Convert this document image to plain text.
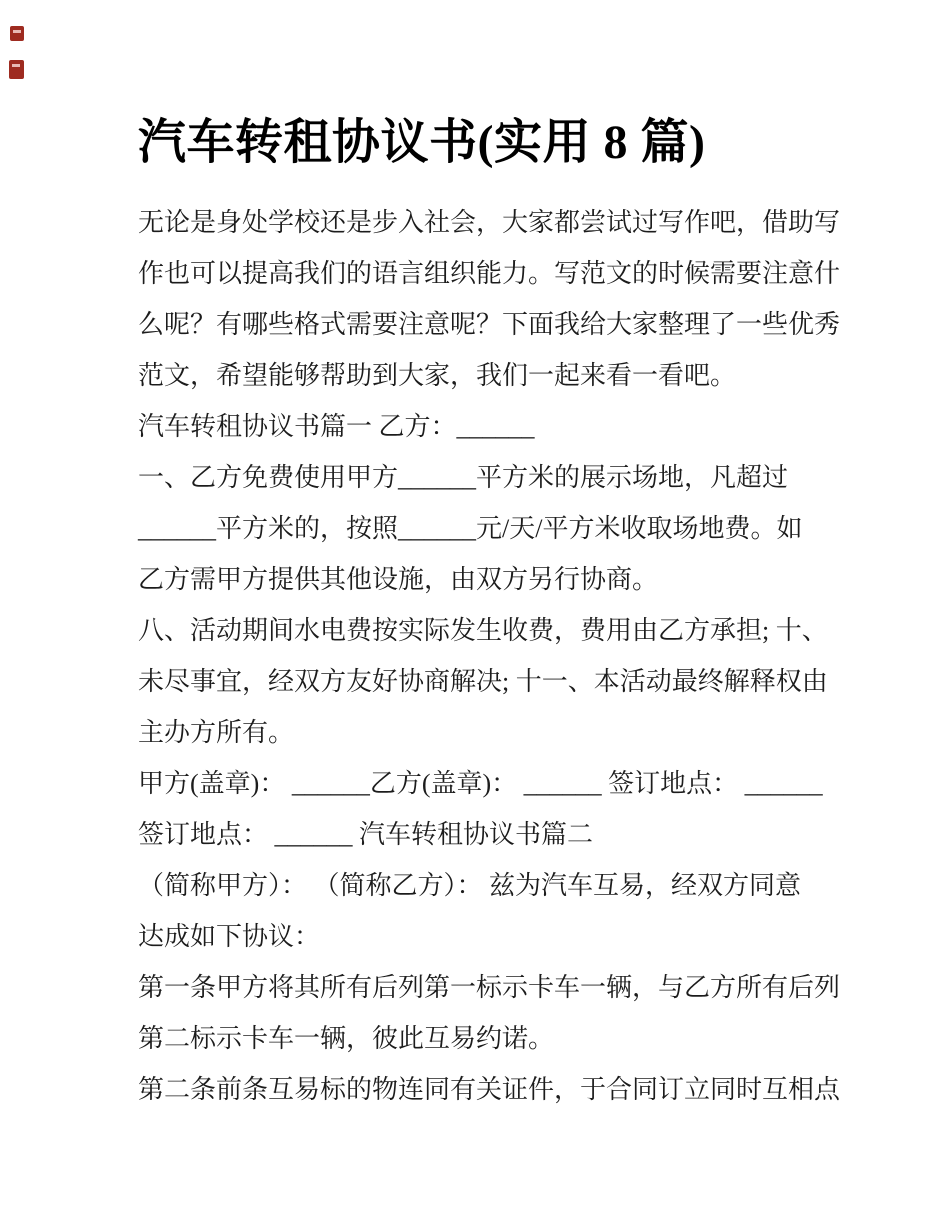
汽车转租协议书(实用 8 篇)
无论是身处学校还是步入社会，大家都尝试过写作吧，借助写
作也可以提高我们的语言组织能力。写范文的时候需要注意什
么呢？有哪些格式需要注意呢？下面我给大家整理了一些优秀
范文，希望能够帮助到大家，我们一起来看一看吧。
汽车转租协议书篇一 乙方：______
一、乙方免费使用甲方______平方米的展示场地，凡超过
______平方米的，按照______元/天/平方米收取场地费。如
乙方需甲方提供其他设施，由双方另行协商。
八、活动期间水电费按实际发生收费，费用由乙方承担; 十、
未尽事宜，经双方友好协商解决; 十一、本活动最终解释权由
主办方所有。
甲方(盖章)： ______乙方(盖章)： ______ 签订地点： ______
签订地点： ______ 汽车转租协议书篇二
（简称甲方）： （简称乙方）： 兹为汽车互易，经双方同意
达成如下协议：
第一条甲方将其所有后列第一标示卡车一辆，与乙方所有后列
第二标示卡车一辆，彼此互易约诺。
第二条前条互易标的物连同有关证件，于合同订立同时互相点
